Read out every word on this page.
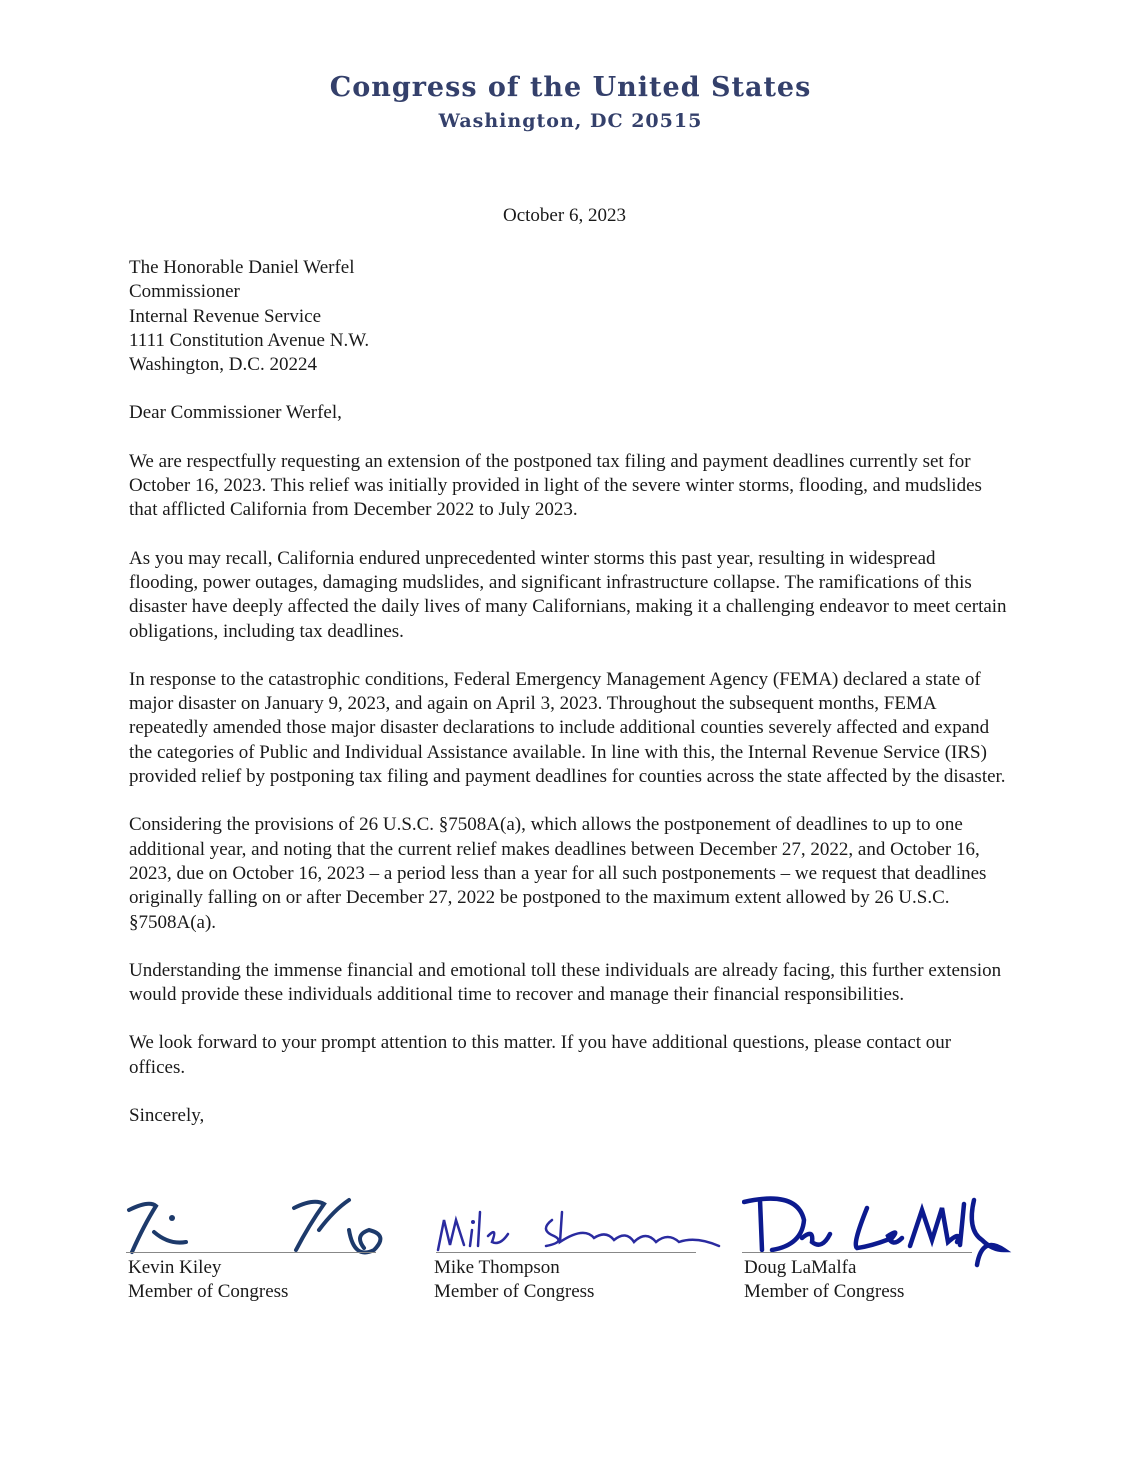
Congress of the United States
Washington, DC 20515
October 6, 2023
The Honorable Daniel Werfel
Commissioner
Internal Revenue Service
1111 Constitution Avenue N.W.
Washington, D.C. 20224

Dear Commissioner Werfel,

We are respectfully requesting an extension of the postponed tax filing and payment deadlines currently set for October 16, 2023. This relief was initially provided in light of the severe winter storms, flooding, and mudslides that afflicted California from December 2022 to July 2023.

As you may recall, California endured unprecedented winter storms this past year, resulting in widespread flooding, power outages, damaging mudslides, and significant infrastructure collapse. The ramifications of this disaster have deeply affected the daily lives of many Californians, making it a challenging endeavor to meet certain obligations, including tax deadlines.

In response to the catastrophic conditions, Federal Emergency Management Agency (FEMA) declared a state of major disaster on January 9, 2023, and again on April 3, 2023. Throughout the subsequent months, FEMA repeatedly amended those major disaster declarations to include additional counties severely affected and expand the categories of Public and Individual Assistance available. In line with this, the Internal Revenue Service (IRS) provided relief by postponing tax filing and payment deadlines for counties across the state affected by the disaster.

Considering the provisions of 26 U.S.C. §7508A(a), which allows the postponement of deadlines to up to one additional year, and noting that the current relief makes deadlines between December 27, 2022, and October 16, 2023, due on October 16, 2023 – a period less than a year for all such postponements – we request that deadlines originally falling on or after December 27, 2022 be postponed to the maximum extent allowed by 26 U.S.C. §7508A(a).

Understanding the immense financial and emotional toll these individuals are already facing, this further extension would provide these individuals additional time to recover and manage their financial responsibilities.

We look forward to your prompt attention to this matter. If you have additional questions, please contact our offices.

Sincerely,

Kevin Kiley
Member of Congress
Mike Thompson
Member of Congress
Doug LaMalfa
Member of Congress
